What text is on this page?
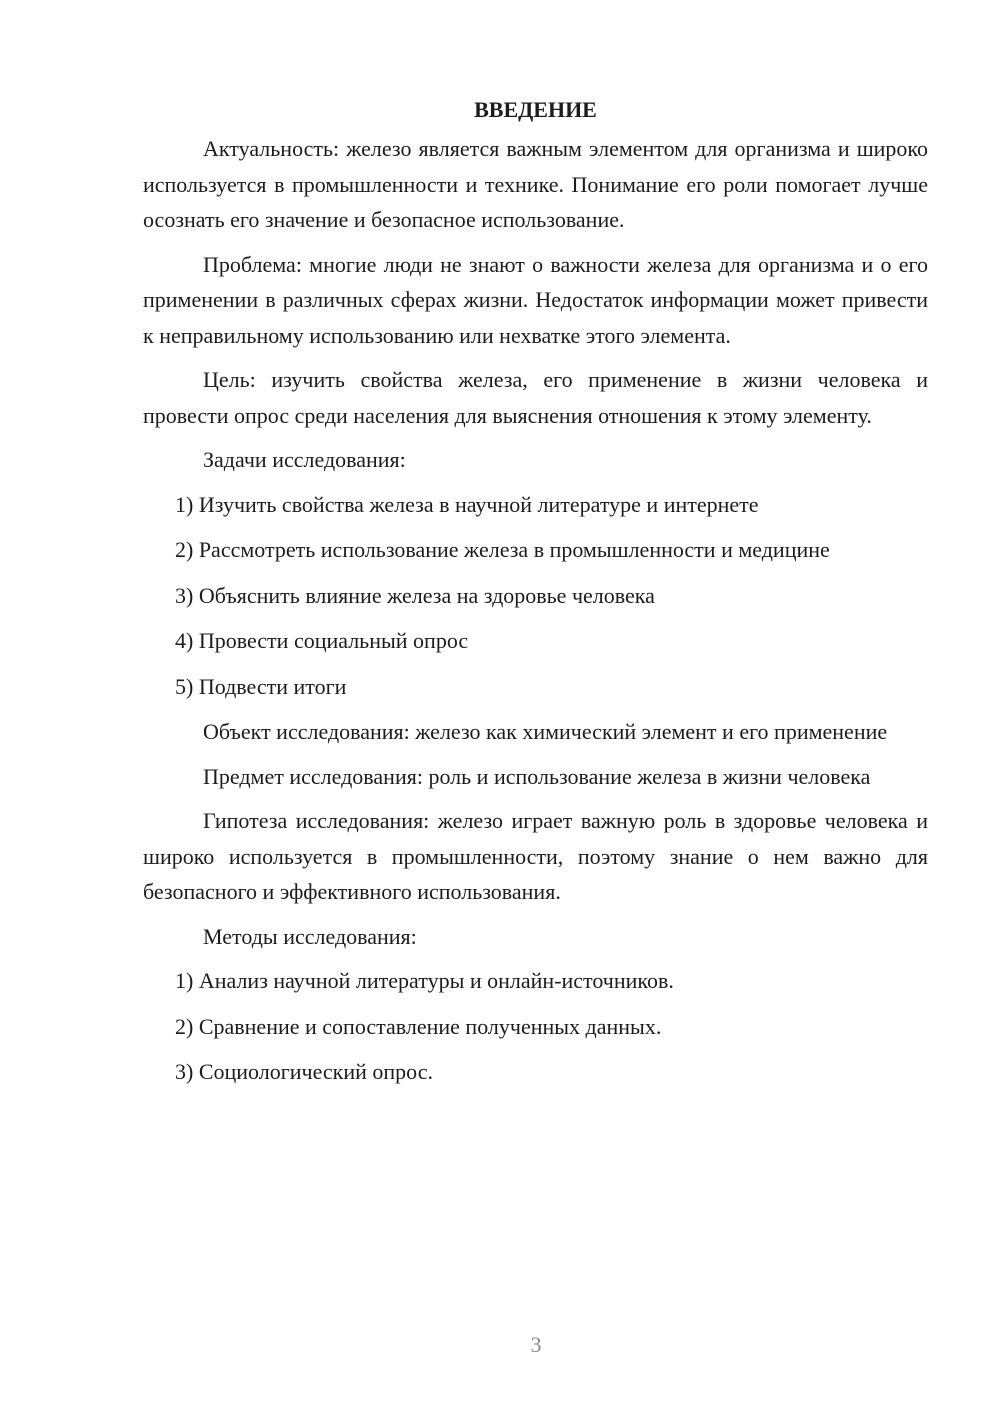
ВВЕДЕНИЕ

Актуальность: железо является важным элементом для организма и широко используется в промышленности и технике. Понимание его роли помогает лучше осознать его значение и безопасное использование.

Проблема: многие люди не знают о важности железа для организма и о его применении в различных сферах жизни. Недостаток информации может привести к неправильному использованию или нехватке этого элемента.

Цель: изучить свойства железа, его применение в жизни человека и провести опрос среди населения для выяснения отношения к этому элементу.

Задачи исследования:

1) Изучить свойства железа в научной литературе и интернете
2) Рассмотреть использование железа в промышленности и медицине
3) Объяснить влияние железа на здоровье человека
4) Провести социальный опрос
5) Подвести итоги

Объект исследования: железо как химический элемент и его применение

Предмет исследования: роль и использование железа в жизни человека

Гипотеза исследования: железо играет важную роль в здоровье человека и широко используется в промышленности, поэтому знание о нем важно для безопасного и эффективного использования.

Методы исследования:

1) Анализ научной литературы и онлайн-источников.
2) Сравнение и сопоставление полученных данных.
3) Социологический опрос.
3
